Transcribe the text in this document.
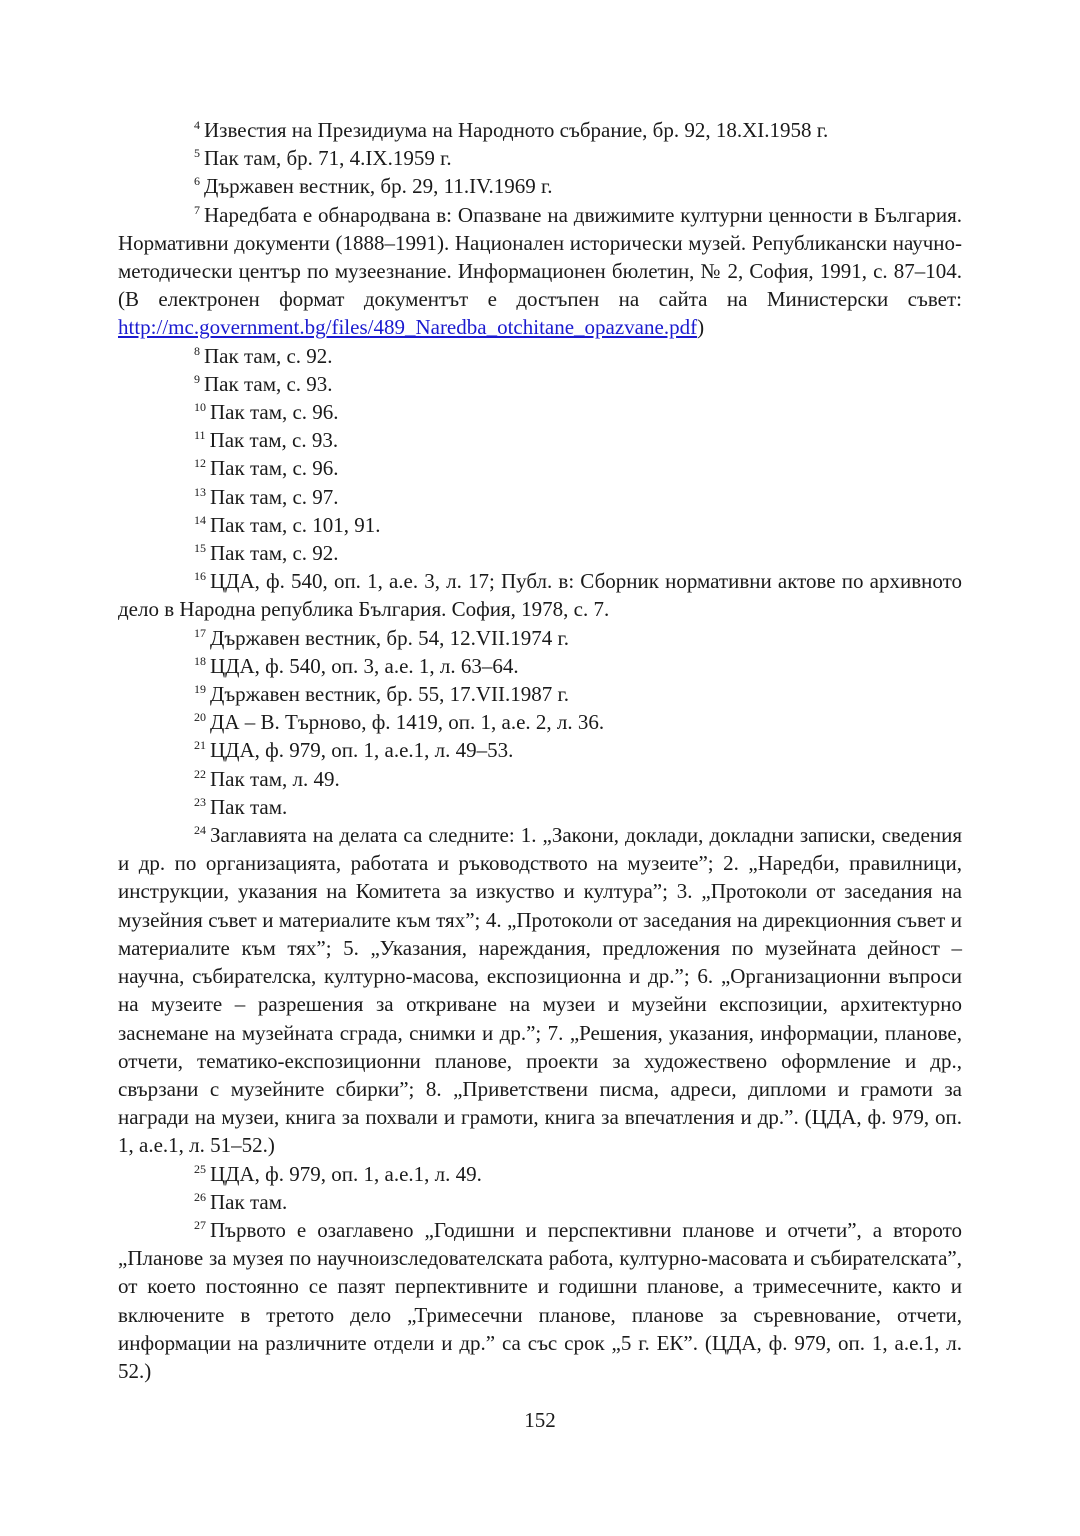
$^4$ Известия на Президиума на Народното събрание, бр. 92, 18.XI.1958 г.

$^5$ Пак там, бр. 71, 4.IX.1959 г.

$^6$ Държавен вестник, бр. 29, 11.IV.1969 г.

$^7$ Наредбата е обнародвана в: Опазване на движимите културни ценности в България. Нормативни документи (1888–1991). Национален исторически музей. Републикански научно-методически център по музеезнание. Информационен бюлетин, № 2, София, 1991, с. 87–104. (В електронен формат документът е достъпен на сайта на Министерски съвет: http://mc.government.bg/files/489_Naredba_otchitane_opazvane.pdf)

$^8$ Пак там, с. 92.

$^9$ Пак там, с. 93.

$^{10}$ Пак там, с. 96.

$^{11}$ Пак там, с. 93.

$^{12}$ Пак там, с. 96.

$^{13}$ Пак там, с. 97.

$^{14}$ Пак там, с. 101, 91.

$^{15}$ Пак там, с. 92.

$^{16}$ ЦДА, ф. 540, оп. 1, а.е. 3, л. 17; Публ. в: Сборник нормативни актове по архивното дело в Народна република България. София, 1978, с. 7.

$^{17}$ Държавен вестник, бр. 54, 12.VII.1974 г.

$^{18}$ ЦДА, ф. 540, оп. 3, а.е. 1, л. 63–64.

$^{19}$ Държавен вестник, бр. 55, 17.VII.1987 г.

$^{20}$ ДА – В. Търново, ф. 1419, оп. 1, а.е. 2, л. 36.

$^{21}$ ЦДА, ф. 979, оп. 1, а.е.1, л. 49–53.

$^{22}$ Пак там, л. 49.

$^{23}$ Пак там.

$^{24}$ Заглавията на делата са следните: 1. „Закони, доклади, докладни записки, сведения и др. по организацията, работата и ръководството на музеите”; 2. „Наредби, правилници, инструкции, указания на Комитета за изкуство и култура”; 3. „Протоколи от заседания на музейния съвет и материалите към тях”; 4. „Протоколи от заседания на дирекционния съвет и материалите към тях”; 5. „Указания, нареждания, предложения по музейната дейност – научна, събирателска, културно-масова, експозиционна и др.”; 6. „Организационни въпроси на музеите – разрешения за откриване на музеи и музейни експозиции, архитектурно заснемане на музейната сграда, снимки и др.”; 7. „Решения, указания, информации, планове, отчети, тематико-експозиционни планове, проекти за художествено оформление и др., свързани с музейните сбирки”; 8. „Приветствени писма, адреси, дипломи и грамоти за награди на музеи, книга за похвали и грамоти, книга за впечатления и др.”. (ЦДА, ф. 979, оп. 1, а.е.1, л. 51–52.)

$^{25}$ ЦДА, ф. 979, оп. 1, а.е.1, л. 49.

$^{26}$ Пак там.

$^{27}$ Първото е озаглавено „Годишни и перспективни планове и отчети”, а второто „Планове за музея по научноизследователската работа, културно-масовата и събирателската”, от което постоянно се пазят перпективните и годишни планове, а тримесечните, както и включените в третото дело „Тримесечни планове, планове за съревнование, отчети, информации на различните отдели и др.” са със срок „5 г. ЕК”. (ЦДА, ф. 979, оп. 1, а.е.1, л. 52.)

152
